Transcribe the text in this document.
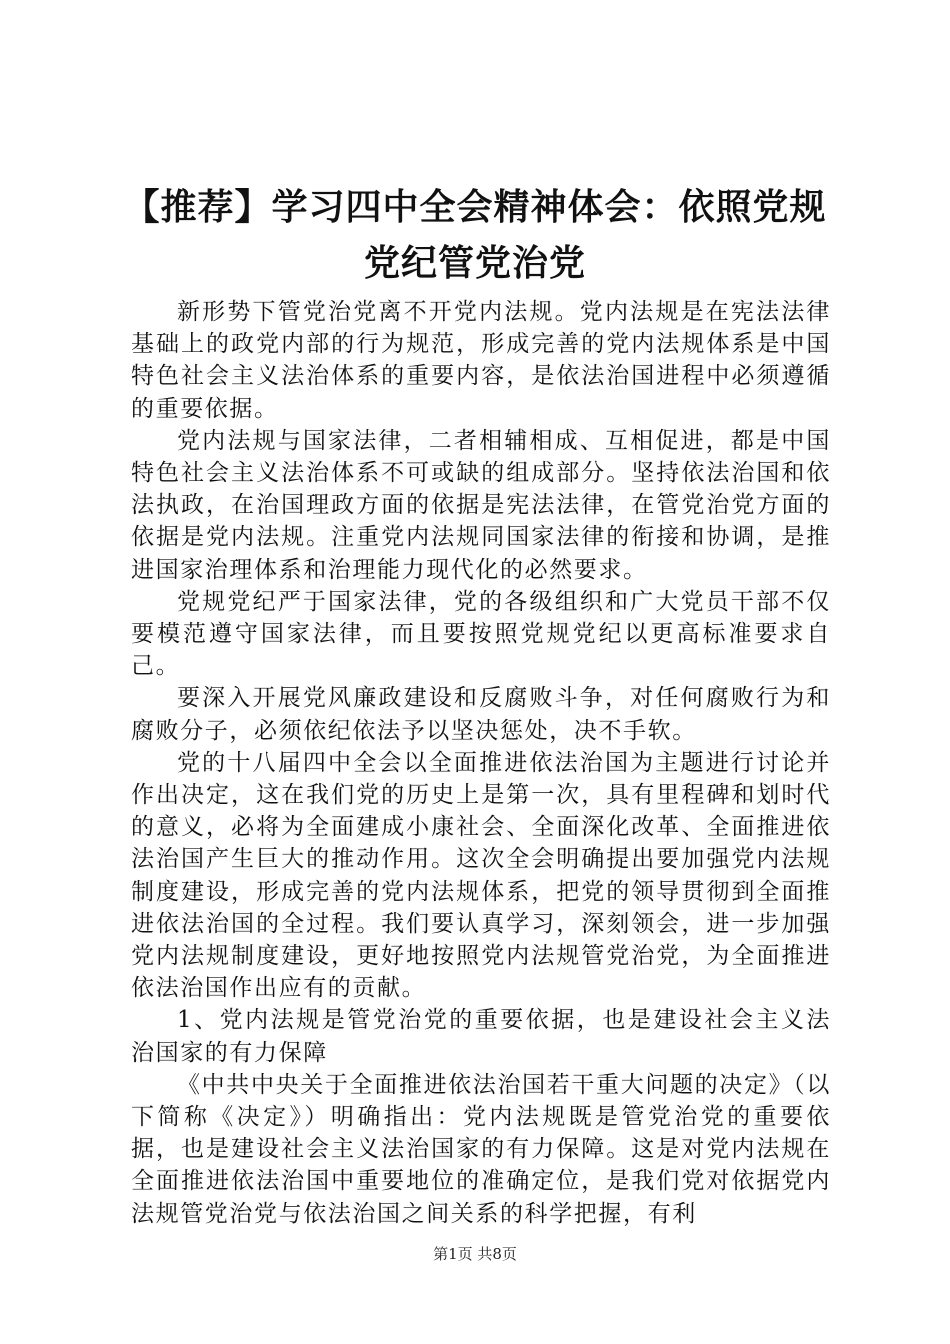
【推荐】学习四中全会精神体会：依照党规党纪管党治党

新形势下管党治党离不开党内法规。党内法规是在宪法法律基础上的政党内部的行为规范，形成完善的党内法规体系是中国特色社会主义法治体系的重要内容，是依法治国进程中必须遵循的重要依据。

党内法规与国家法律，二者相辅相成、互相促进，都是中国特色社会主义法治体系不可或缺的组成部分。坚持依法治国和依法执政，在治国理政方面的依据是宪法法律，在管党治党方面的依据是党内法规。注重党内法规同国家法律的衔接和协调，是推进国家治理体系和治理能力现代化的必然要求。

党规党纪严于国家法律，党的各级组织和广大党员干部不仅要模范遵守国家法律，而且要按照党规党纪以更高标准要求自己。

要深入开展党风廉政建设和反腐败斗争，对任何腐败行为和腐败分子，必须依纪依法予以坚决惩处，决不手软。

党的十八届四中全会以全面推进依法治国为主题进行讨论并作出决定，这在我们党的历史上是第一次，具有里程碑和划时代的意义，必将为全面建成小康社会、全面深化改革、全面推进依法治国产生巨大的推动作用。这次全会明确提出要加强党内法规制度建设，形成完善的党内法规体系，把党的领导贯彻到全面推进依法治国的全过程。我们要认真学习，深刻领会，进一步加强党内法规制度建设，更好地按照党内法规管党治党，为全面推进依法治国作出应有的贡献。

1、党内法规是管党治党的重要依据，也是建设社会主义法治国家的有力保障

《中共中央关于全面推进依法治国若干重大问题的决定》（以下简称《决定》）明确指出：党内法规既是管党治党的重要依据，也是建设社会主义法治国家的有力保障。这是对党内法规在全面推进依法治国中重要地位的准确定位，是我们党对依据党内法规管党治党与依法治国之间关系的科学把握，有利

第1页 共8页
